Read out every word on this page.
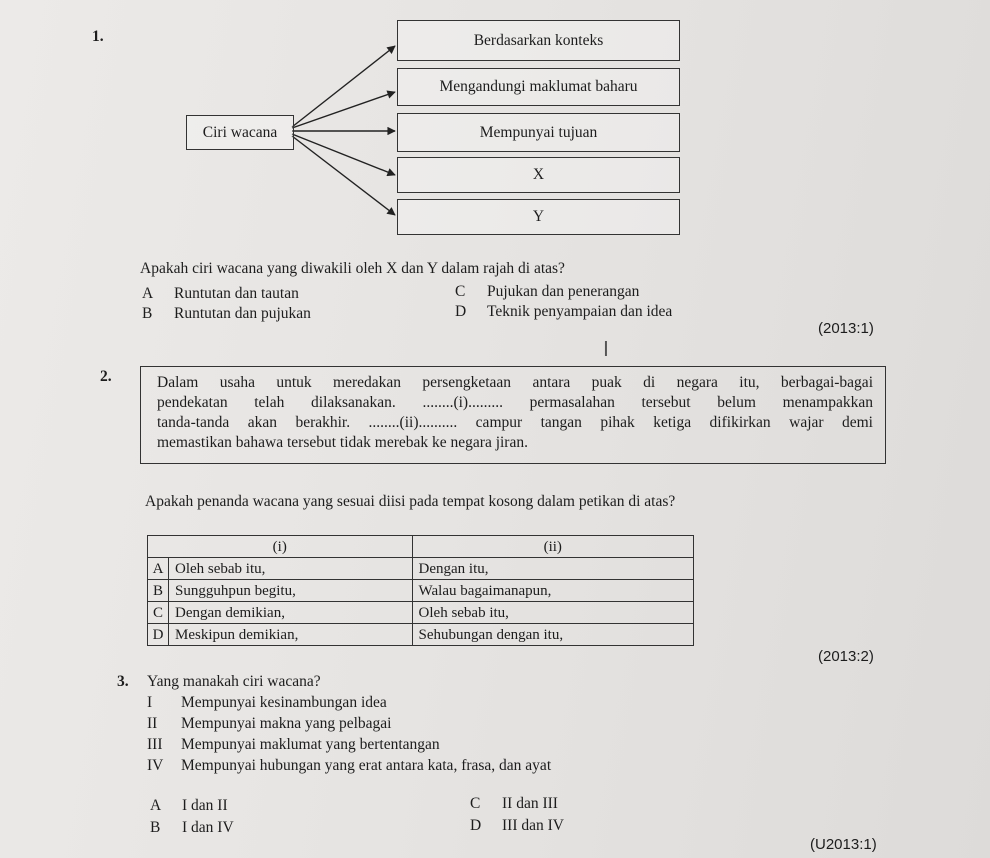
1.
Ciri wacana
Berdasarkan konteks
Mengandungi maklumat baharu
Mempunyai tujuan
X
Y
Apakah ciri wacana yang diwakili oleh X dan Y dalam rajah di atas?
A Runtutan dan tautan
B Runtutan dan pujukan
C Pujukan dan penerangan
D Teknik penyampaian dan idea
(2013:1)
I
2.	Dalam usaha untuk meredakan persengketaan antara puak di negara itu, berbagai-bagai
pendekatan telah dilaksanakan. ........(i)......... permasalahan tersebut belum menampakkan
tanda-tanda akan berakhir. ........(ii).......... campur tangan pihak ketiga difikirkan wajar demi
memastikan bahawa tersebut tidak merebak ke negara jiran.
Apakah penanda wacana yang sesuai diisi pada tempat kosong dalam petikan di atas?
(i)		(ii)
A	Oleh sebab itu,	Dengan itu,
B	Sungguhpun begitu,	Walau bagaimanapun,
C	Dengan demikian,	Oleh sebab itu,
D	Meskipun demikian,	Sehubungan dengan itu,
(2013:2)
3. Yang manakah ciri wacana?
I Mempunyai kesinambungan idea
II Mempunyai makna yang pelbagai
III Mempunyai maklumat yang bertentangan
IV Mempunyai hubungan yang erat antara kata, frasa, dan ayat
A I dan II
B I dan IV
C II dan III
D III dan IV
(U2013:1)
